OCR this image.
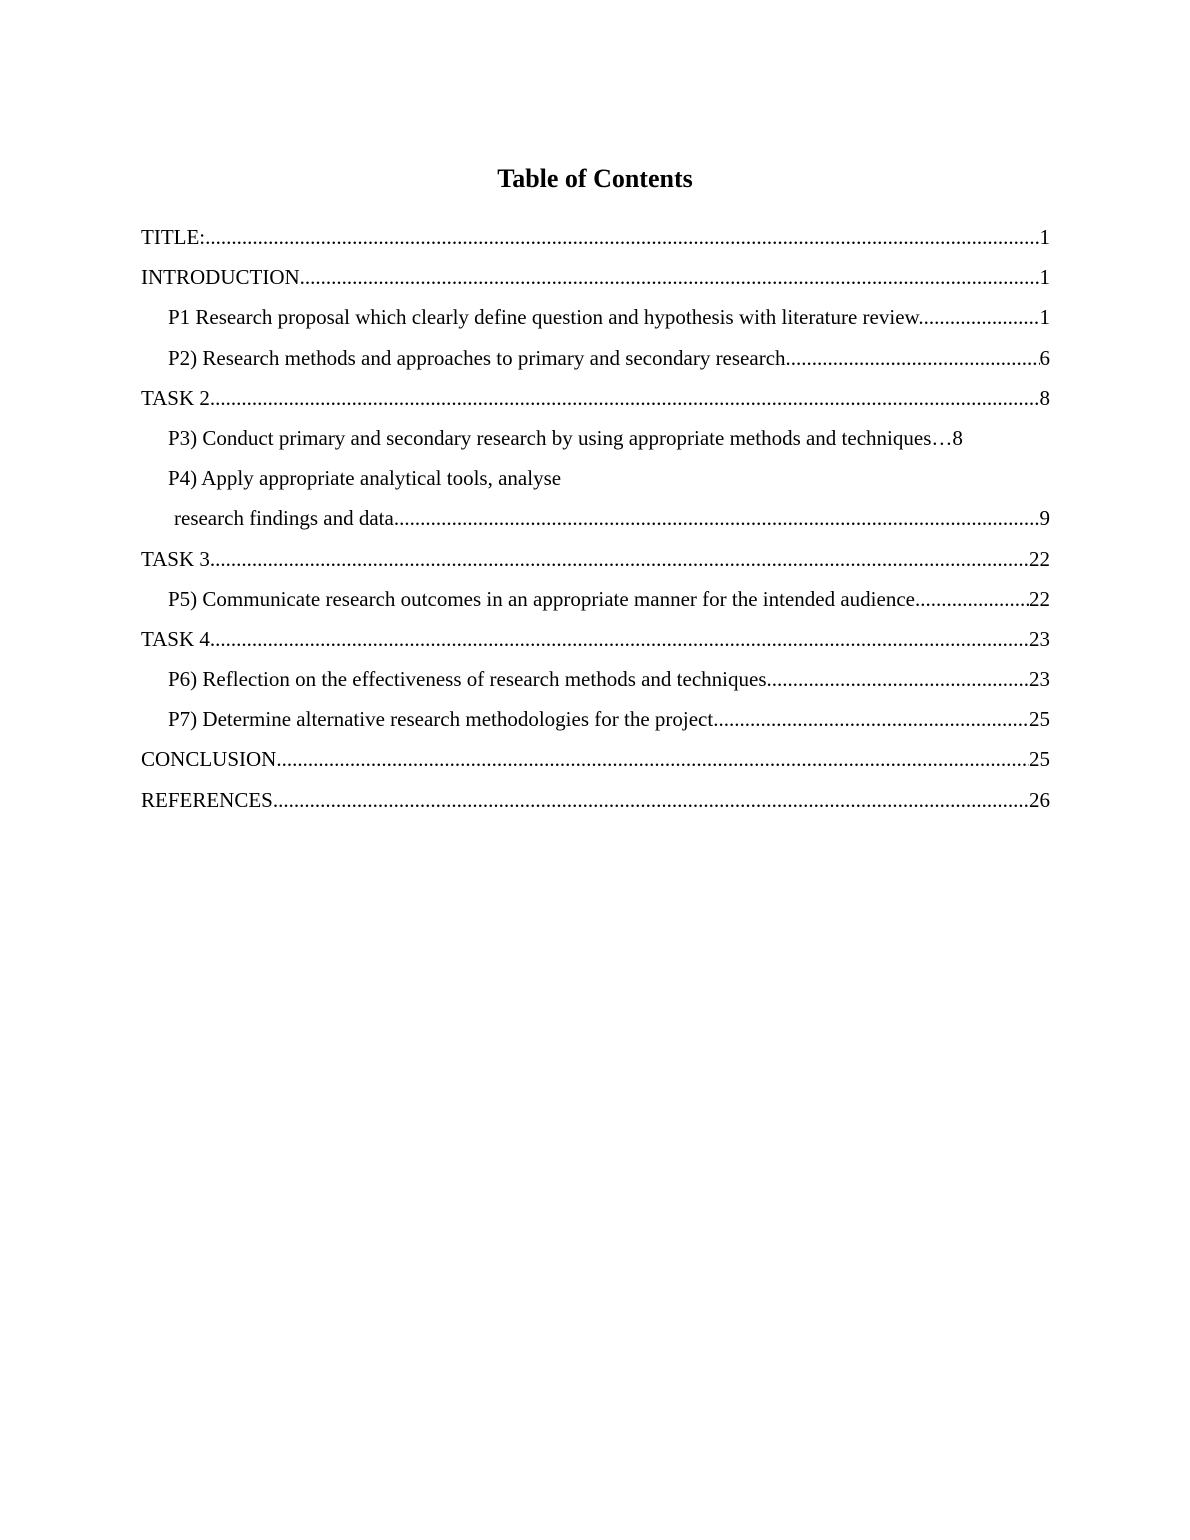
Table of Contents
TITLE: .....	1
INTRODUCTION .....	1
P1 Research proposal which clearly define question and hypothesis with literature review. .....	1
P2) Research methods and approaches to primary and secondary research .....	6
TASK 2 .....	8
P3) Conduct primary and secondary research by using appropriate methods and techniques… 8
P4) Apply appropriate analytical tools, analyse
research findings and data .....	9
TASK 3 .....	22
P5) Communicate research outcomes in an appropriate manner for the intended audience .....	22
TASK 4 .....	23
P6) Reflection on the effectiveness of research methods and techniques. .....	23
P7) Determine alternative research methodologies for the project .....	25
CONCLUSION .....	25
REFERENCES .....	26
